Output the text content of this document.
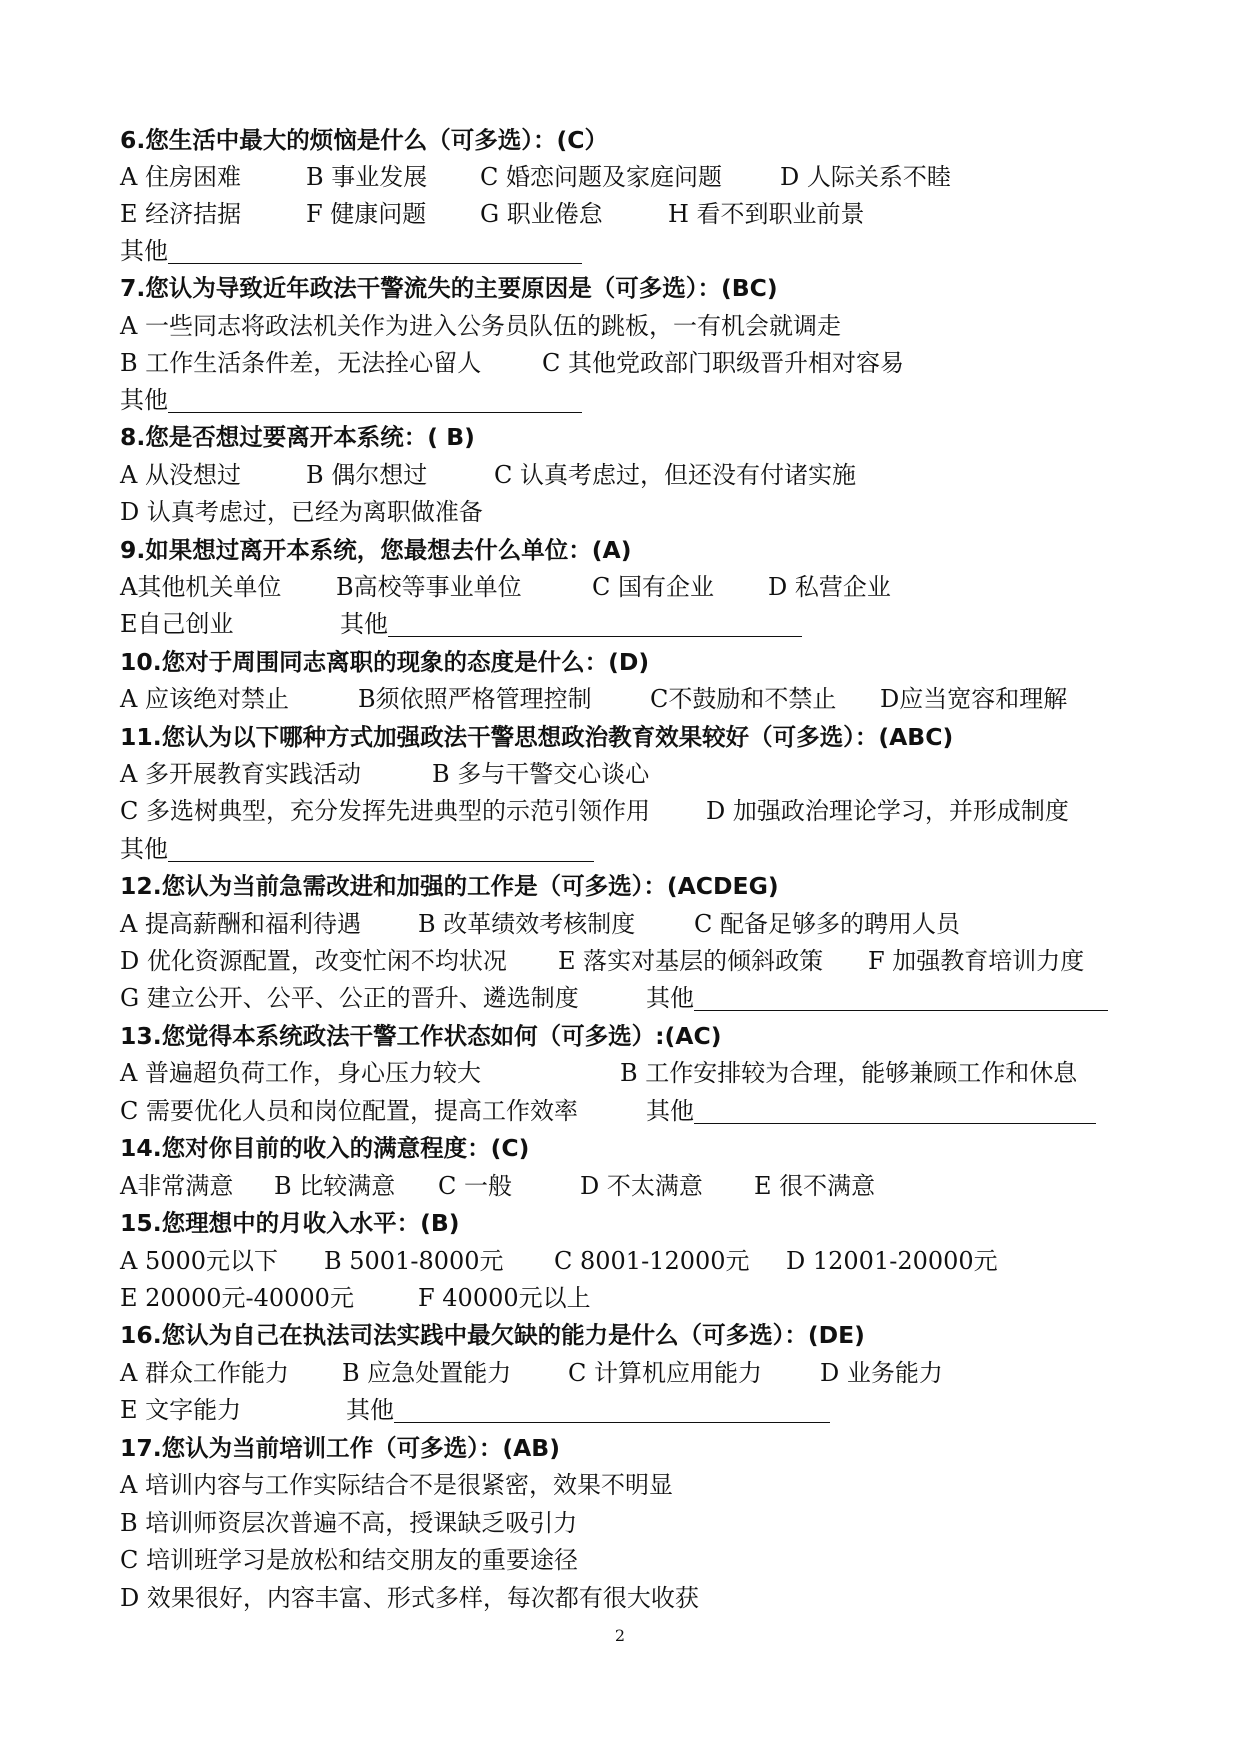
6.您生活中最大的烦恼是什么（可多选）：(C）
A 住房困难	B 事业发展 C 婚恋问题及家庭问题 D 人际关系不睦
E 经济拮据	F 健康问题 G 职业倦怠	H 看不到职业前景
其他
7.您认为导致近年政法干警流失的主要原因是（可多选）：(BC)
A 一些同志将政法机关作为进入公务员队伍的跳板，一有机会就调走
B 工作生活条件差，无法拴心留人	C 其他党政部门职级晋升相对容易
其他
8.您是否想过要离开本系统：( B)
A 从没想过	B 偶尔想过	C 认真考虑过，但还没有付诸实施
D 认真考虑过，已经为离职做准备
9.如果想过离开本系统，您最想去什么单位：(A)
A其他机关单位 B高校等事业单位	C 国有企业 D 私营企业
E自己创业	其他
10.您对于周围同志离职的现象的态度是什么：(D)
A 应该绝对禁止	B须依照严格管理控制 C不鼓励和不禁止 D应当宽容和理解
11.您认为以下哪种方式加强政法干警思想政治教育效果较好（可多选）：(ABC)
A 多开展教育实践活动	B 多与干警交心谈心
C 多选树典型，充分发挥先进典型的示范引领作用 D 加强政治理论学习，并形成制度
其他
12.您认为当前急需改进和加强的工作是（可多选）：(ACDEG)
A 提高薪酬和福利待遇 B 改革绩效考核制度 C 配备足够多的聘用人员
D 优化资源配置，改变忙闲不均状况 E 落实对基层的倾斜政策 F 加强教育培训力度
G 建立公开、公平、公正的晋升、遴选制度	其他
13.您觉得本系统政法干警工作状态如何（可多选）:(AC)
A 普遍超负荷工作，身心压力较大	B 工作安排较为合理，能够兼顾工作和休息
C 需要优化人员和岗位配置，提高工作效率	其他
14.您对你目前的收入的满意程度：(C)
A非常满意 B 比较满意 C 一般	D 不太满意 E 很不满意
15.您理想中的月收入水平：(B)
A 5000元以下 B 5001-8000元 C 8001-12000元 D 12001-20000元
E 20000元-40000元	F 40000元以上
16.您认为自己在执法司法实践中最欠缺的能力是什么（可多选）：(DE)
A 群众工作能力 B 应急处置能力 C 计算机应用能力 D 业务能力
E 文字能力	其他
17.您认为当前培训工作（可多选）：(AB)
A 培训内容与工作实际结合不是很紧密，效果不明显
B 培训师资层次普遍不高，授课缺乏吸引力
C 培训班学习是放松和结交朋友的重要途径
D 效果很好，内容丰富、形式多样，每次都有很大收获
2
